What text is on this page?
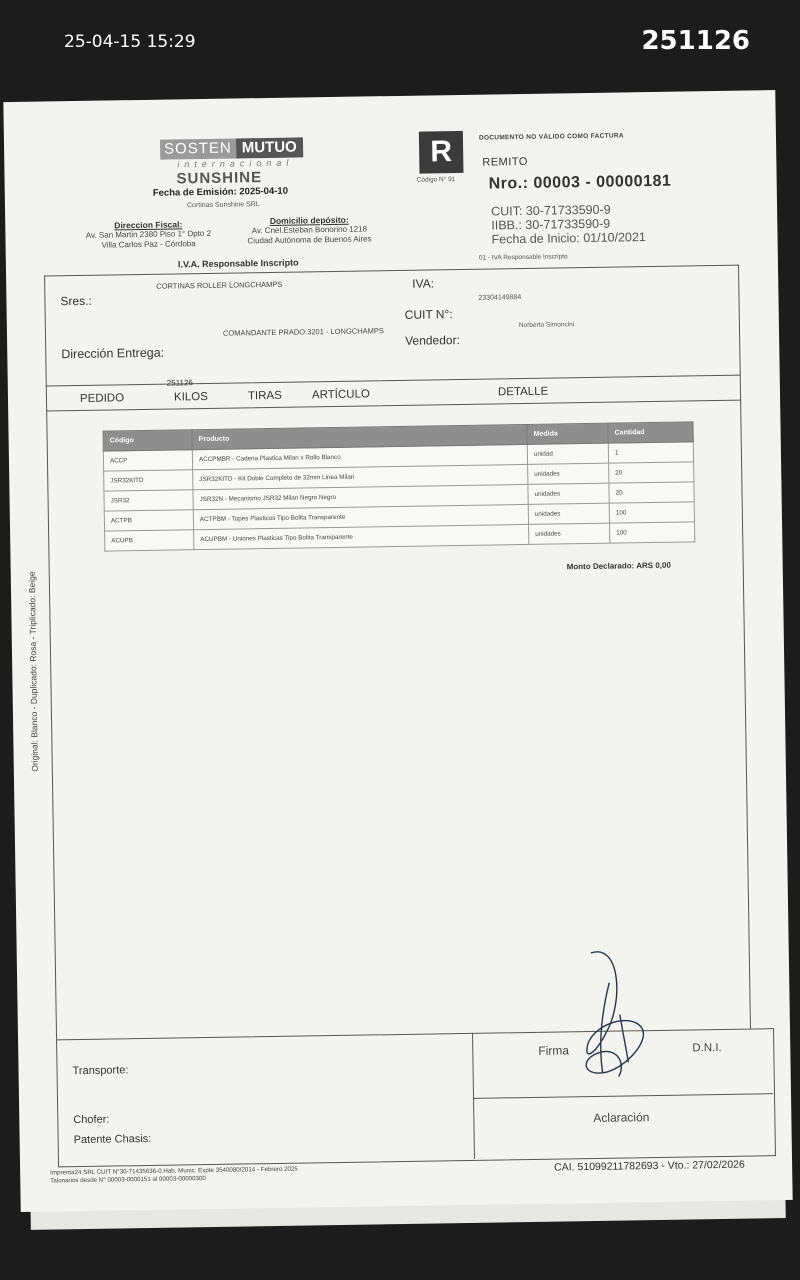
25-04-15 15:29	251126
SOSTEN MUTUO
internacional
SUNSHINE
Fecha de Emisión: 2025-04-10
Cortinas Sunshine SRL
Direccion Fiscal:
Av. San Martin 2380 Piso 1° Dpto 2
Villa Carlos Paz - Córdoba
Domicilio depósito:
Av. Cnel.Esteban Bonorino 1218
Ciudad Autónoma de Buenos Aires
I.V.A. Responsable Inscripto
R
Código N° 91
DOCUMENTO NO VÁLIDO COMO FACTURA
REMITO
Nro.: 00003 - 00000181
CUIT: 30-71733590-9
IIBB.: 30-71733590-9
Fecha de Inicio: 01/10/2021
01 - IVA Responsable Inscripto
Sres.:
CORTINAS ROLLER LONGCHAMPS	IVA:
23304149884
CUIT N°:
COMANDANTE PRADO 3201 - LONGCHAMPS
Norberto Simoncini
Vendedor:
Dirección Entrega:
251126
PEDIDO	KILOS	TIRAS	ARTÍCULO	DETALLE
Código	Producto	Medida	Cantidad
ACCP	ACCPMBR - Cadena Plastica Milan x Rollo Blanco	unidad	1
JSR32KITD	JSR32KITD - Kit Doble Completo de 32mm Linea Milan	unidades	20
JSR32	JSR32N - Mecanismo JSR32 Milan Negro Negro	unidades	20
ACTPB	ACTPBM - Topes Plasticos Tipo Bolita Transparente	unidades	100
ACUPB	ACUPBM - Uniones Plasticas Tipo Bolita Transparente	unidades	100
Monto Declarado: ARS 0,00
Transporte:
Chofer:
Patente Chasis:
Firma	D.N.I.
Aclaración
Imprenta24 SRL CUIT N°30-71435636-0 Hab. Munic. Expte 3540080/2014 - Febrero 2025
Talonarios desde N° 00003-0000151 al 00003-00000300
CAI. 51099211782693 - Vto.: 27/02/2026
Original: Blanco - Duplicado: Rosa - Triplicado: Beige
